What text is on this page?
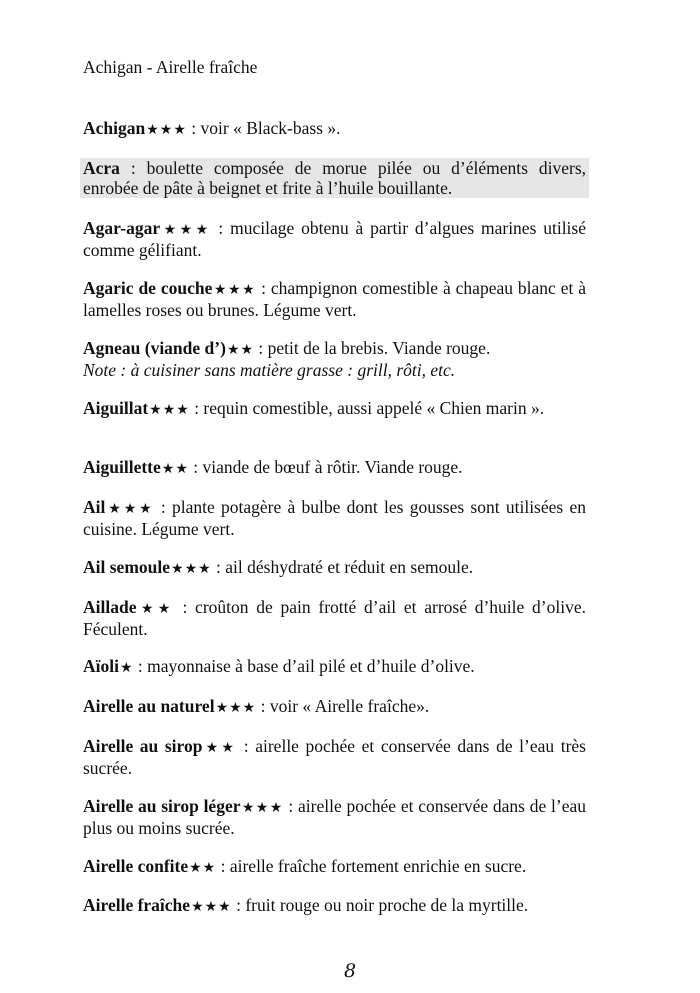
Achigan - Airelle fraîche

Achigan★★★ : voir « Black-bass ».

Acra : boulette composée de morue pilée ou d’éléments divers, enrobée de pâte à beignet et frite à l’huile bouillante.

Agar-agar★★★ : mucilage obtenu à partir d’algues marines utilisé comme gélifiant.

Agaric de couche★★★ : champignon comestible à chapeau blanc et à lamelles roses ou brunes. Légume vert.

Agneau (viande d’)★★ : petit de la brebis. Viande rouge.
Note : à cuisiner sans matière grasse : grill, rôti, etc.

Aiguillat★★★ : requin comestible, aussi appelé « Chien marin ».

Aiguillette★★ : viande de bœuf à rôtir. Viande rouge.

Ail★★★ : plante potagère à bulbe dont les gousses sont utilisées en cuisine. Légume vert.

Ail semoule★★★ : ail déshydraté et réduit en semoule.

Aillade★★ : croûton de pain frotté d’ail et arrosé d’huile d’olive. Féculent.

Aïoli★ : mayonnaise à base d’ail pilé et d’huile d’olive.

Airelle au naturel★★★ : voir « Airelle fraîche».

Airelle au sirop★★ : airelle pochée et conservée dans de l’eau très sucrée.

Airelle au sirop léger★★★ : airelle pochée et conservée dans de l’eau plus ou moins sucrée.

Airelle confite★★ : airelle fraîche fortement enrichie en sucre.

Airelle fraîche★★★ : fruit rouge ou noir proche de la myrtille.

8
